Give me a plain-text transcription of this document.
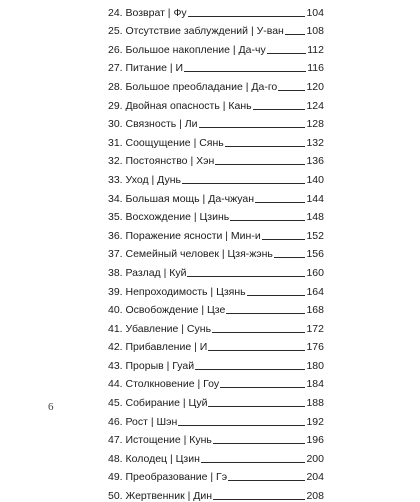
24. Возврат | Фу	104
25. Отсутствие заблуждений | У-ван 108
26. Большое накопление | Да-чу	112
27. Питание | И	116
28. Большое преобладание | Да-го	120
29. Двойная опасность | Кань	124
30. Связность | Ли	128
31. Соощущение | Сянь	132
32. Постоянство | Хэн	136
33. Уход | Дунь	140
34. Большая мощь | Да-чжуан	144
35. Восхождение | Цзинь	148
36. Поражение ясности | Мин-и	152
37. Семейный человек | Цзя-жэнь	156
38. Разлад | Куй	160
39. Непроходимость | Цзянь	164
40. Освобождение | Цзе	168
41. Убавление | Сунь	172
42. Прибавление | И	176
43. Прорыв | Гуай	180
44. Столкновение | Гоу	184
45. Собирание | Цуй	188
46. Рост | Шэн	192
47. Истощение | Кунь	196
48. Колодец | Цзин	200
49. Преобразование | Гэ	204
50. Жертвенник | Дин	208
6
